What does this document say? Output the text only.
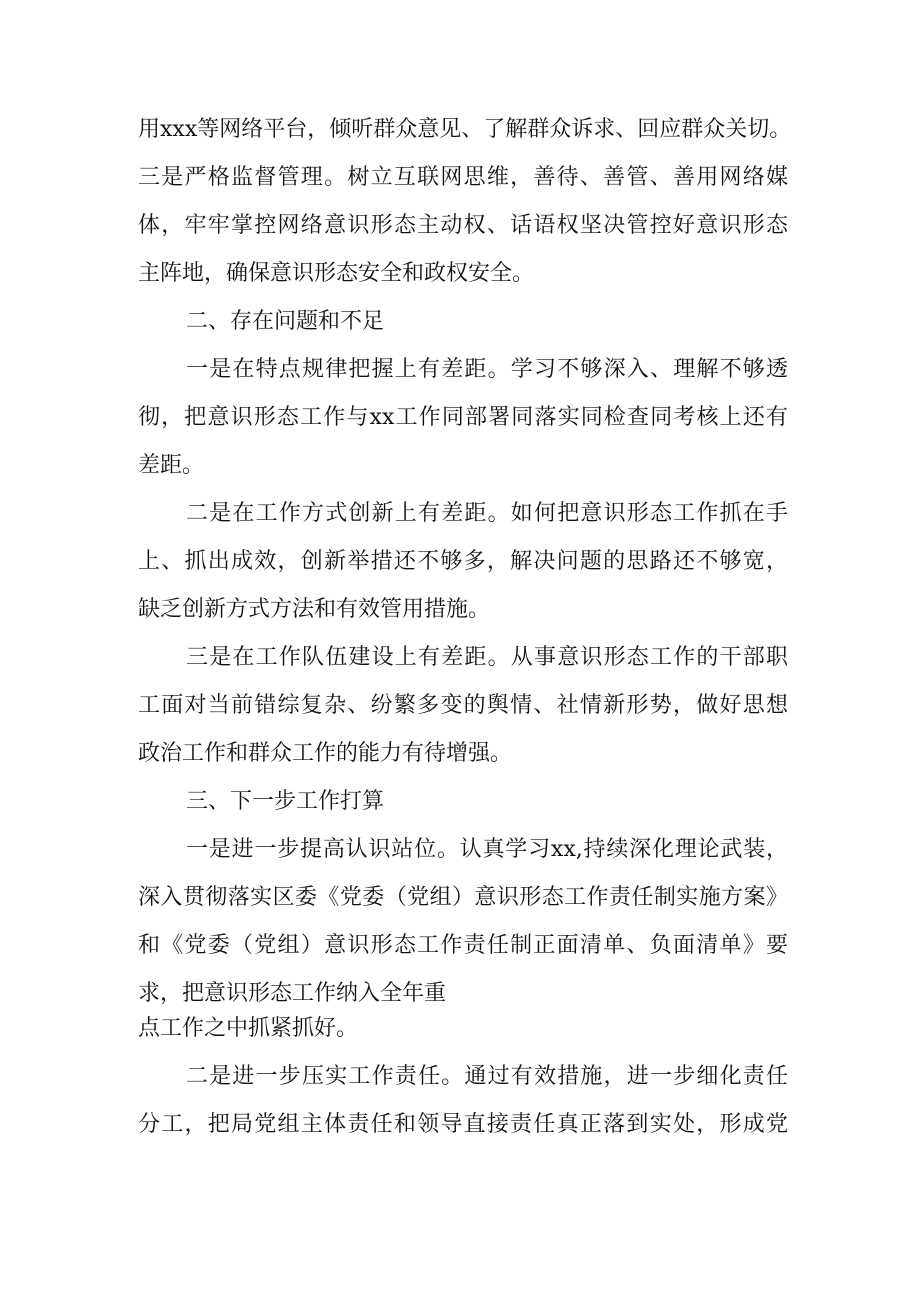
用xxx等网络平台，倾听群众意见、了解群众诉求、回应群众关切。
三是严格监督管理。树立互联网思维，善待、善管、善用网络媒
体，牢牢掌控网络意识形态主动权、话语权坚决管控好意识形态
主阵地，确保意识形态安全和政权安全。
二、存在问题和不足
一是在特点规律把握上有差距。学习不够深入、理解不够透
彻，把意识形态工作与xx工作同部署同落实同检查同考核上还有
差距。
二是在工作方式创新上有差距。如何把意识形态工作抓在手
上、抓出成效，创新举措还不够多，解决问题的思路还不够宽，
缺乏创新方式方法和有效管用措施。
三是在工作队伍建设上有差距。从事意识形态工作的干部职
工面对当前错综复杂、纷繁多变的舆情、社情新形势，做好思想
政治工作和群众工作的能力有待增强。
三、下一步工作打算
一是进一步提高认识站位。认真学习xx,持续深化理论武装，
深入贯彻落实区委《党委（党组）意识形态工作责任制实施方案》
和《党委（党组）意识形态工作责任制正面清单、负面清单》要
求，把意识形态工作纳入全年重
点工作之中抓紧抓好。
二是进一步压实工作责任。通过有效措施，进一步细化责任
分工，把局党组主体责任和领导直接责任真正落到实处，形成党
